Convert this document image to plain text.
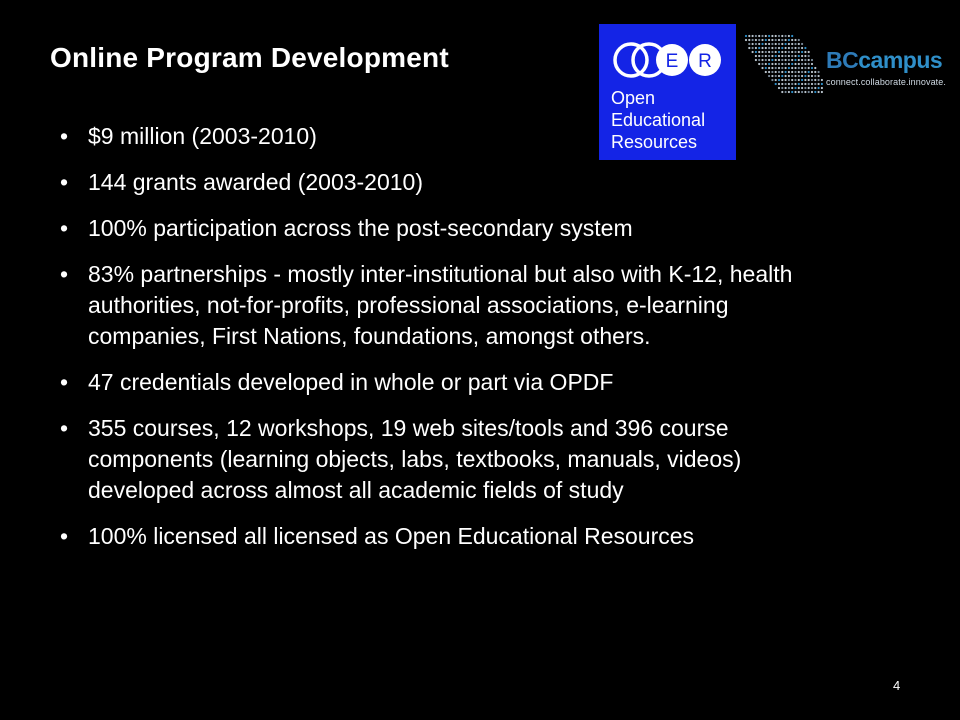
Online Program Development	E R
Open
Educational
Resources
BCcampus
connect.collaborate.innovate.
• $9 million (2003-2010)
• 144 grants awarded (2003-2010)
• 100% participation across the post-secondary system
• 83% partnerships - mostly inter-institutional but also with K-12, health authorities, not-for-profits, professional associations, e-learning companies, First Nations, foundations, amongst others.
• 47 credentials developed in whole or part via OPDF
• 355 courses, 12 workshops, 19 web sites/tools and 396 course components (learning objects, labs, textbooks, manuals, videos) developed across almost all academic fields of study
• 100% licensed all licensed as Open Educational Resources
4
